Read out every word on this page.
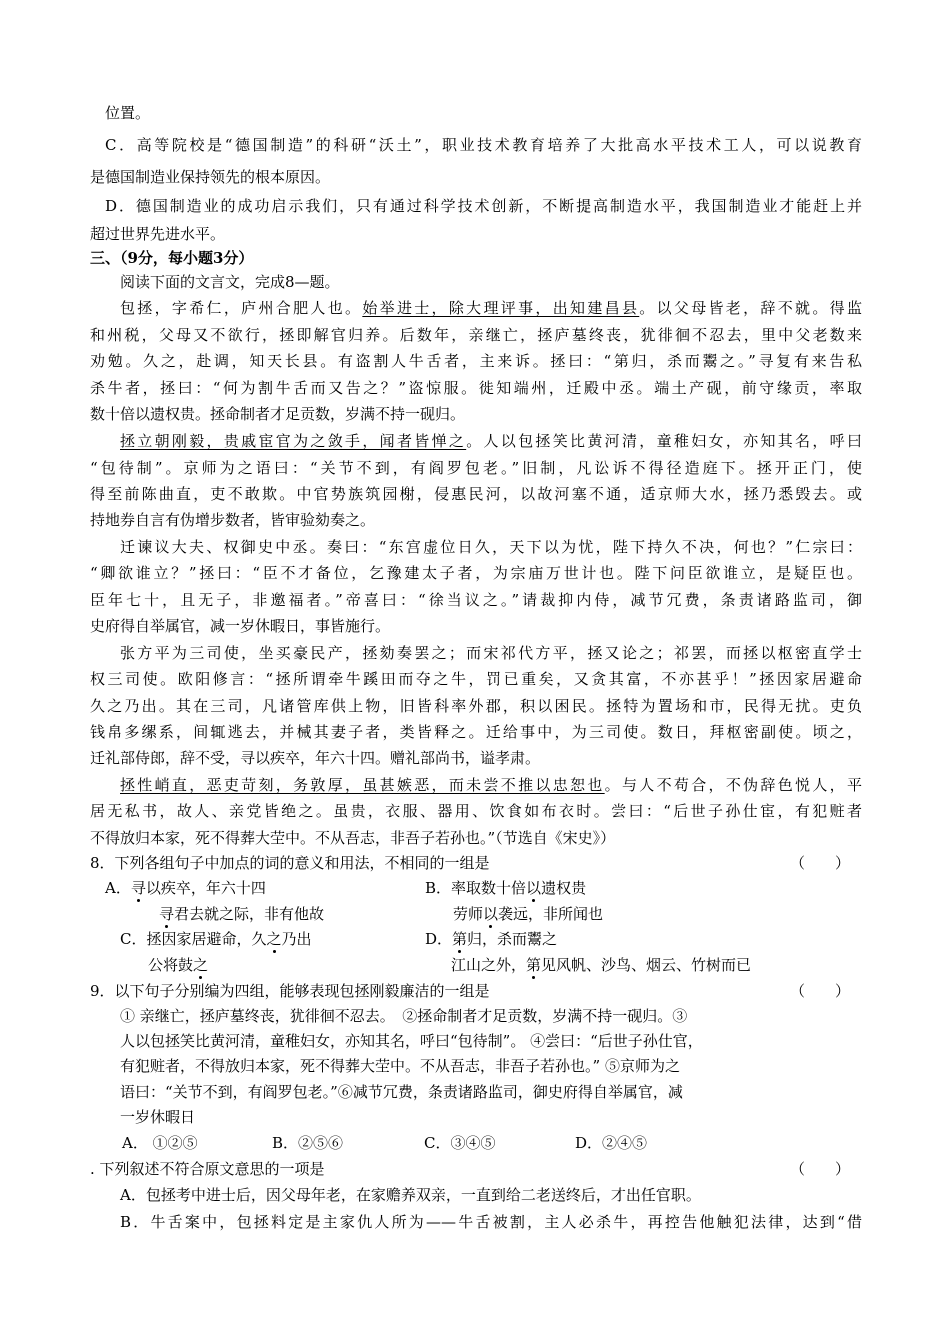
位置。
C．高等院校是“德国制造”的科研“沃土”，职业技术教育培养了大批高水平技术工人，可以说教育
是德国制造业保持领先的根本原因。
D．德国制造业的成功启示我们，只有通过科学技术创新，不断提高制造水平，我国制造业才能赶上并
超过世界先进水平。
三、（9分，每小题3分）
阅读下面的文言文，完成8—题。
包拯，字希仁，庐州合肥人也。始举进士，除大理评事，出知建昌县。以父母皆老，辞不就。得监
和州税，父母又不欲行，拯即解官归养。后数年，亲继亡，拯庐墓终丧，犹徘徊不忍去，里中父老数来
劝勉。久之，赴调，知天长县。有盗割人牛舌者，主来诉。拯曰：“第归，杀而鬻之。”寻复有来告私
杀牛者，拯曰：“何为割牛舌而又告之？”盗惊服。徙知端州，迁殿中丞。端土产砚，前守缘贡，率取
数十倍以遗权贵。拯命制者才足贡数，岁满不持一砚归。
拯立朝刚毅，贵戚宦官为之敛手，闻者皆惮之。人以包拯笑比黄河清，童稚妇女，亦知其名，呼曰
“包待制”。京师为之语曰：“关节不到，有阎罗包老。”旧制，凡讼诉不得径造庭下。拯开正门，使
得至前陈曲直，吏不敢欺。中官势族筑园榭，侵惠民河，以故河塞不通，适京师大水，拯乃悉毁去。或
持地券自言有伪增步数者，皆审验劾奏之。
迁谏议大夫、权御史中丞。奏曰：“东宫虚位日久，天下以为忧，陛下持久不决，何也？”仁宗曰：
“卿欲谁立？”拯曰：“臣不才备位，乞豫建太子者，为宗庙万世计也。陛下问臣欲谁立，是疑臣也。
臣年七十，且无子，非邀福者。”帝喜曰：“徐当议之。”请裁抑内侍，减节冗费，条责诸路监司，御
史府得自举属官，减一岁休暇日，事皆施行。
张方平为三司使，坐买豪民产，拯劾奏罢之；而宋祁代方平，拯又论之；祁罢，而拯以枢密直学士
权三司使。欧阳修言：“拯所谓牵牛蹊田而夺之牛，罚已重矣，又贪其富，不亦甚乎！”拯因家居避命
久之乃出。其在三司，凡诸管库供上物，旧皆科率外郡，积以困民。拯特为置场和市，民得无扰。吏负
钱帛多缧系，间辄逃去，并械其妻子者，类皆释之。迁给事中，为三司使。数日，拜枢密副使。顷之，
迁礼部侍郎，辞不受，寻以疾卒，年六十四。赠礼部尚书，谥孝肃。
拯性峭直，恶吏苛刻，务敦厚，虽甚嫉恶，而未尝不推以忠恕也。与人不苟合，不伪辞色悦人，平
居无私书，故人、亲党皆绝之。虽贵，衣服、器用、饮食如布衣时。尝曰：“后世子孙仕宦，有犯赃者
不得放归本家，死不得葬大茔中。不从吾志，非吾子若孙也。”（节选自《宋史》）
8．下列各组句子中加点的词的意义和用法，不相同的一组是	（　　）
A．寻以疾卒，年六十四	B．率取数十倍以遗权贵
寻君去就之际，非有他故	劳师以袭远，非所闻也
C．拯因家居避命，久之乃出	D．第归，杀而鬻之
公将鼓之	江山之外，第见风帆、沙鸟、烟云、竹树而已
9．以下句子分别编为四组，能够表现包拯刚毅廉洁的一组是	（　　）
① 亲继亡，拯庐墓终丧，犹徘徊不忍去。　②拯命制者才足贡数，岁满不持一砚归。③
人以包拯笑比黄河清，童稚妇女，亦知其名，呼曰“包待制”。 ④尝曰：“后世子孙仕官，
有犯赃者，不得放归本家，死不得葬大茔中。不从吾志，非吾子若孙也。” ⑤京师为之
语曰：“关节不到，有阎罗包老。”⑥减节冗费，条责诸路监司，御史府得自举属官，减
一岁休暇日
A． ①②⑤	B．②⑤⑥	C．③④⑤	D．②④⑤
. 下列叙述不符合原文意思的一项是	（　　）
A．包拯考中进士后，因父母年老，在家赡养双亲，一直到给二老送终后，才出任官职。
B．牛舌案中，包拯料定是主家仇人所为——牛舌被割，主人必杀牛，再控告他触犯法律，达到“借
